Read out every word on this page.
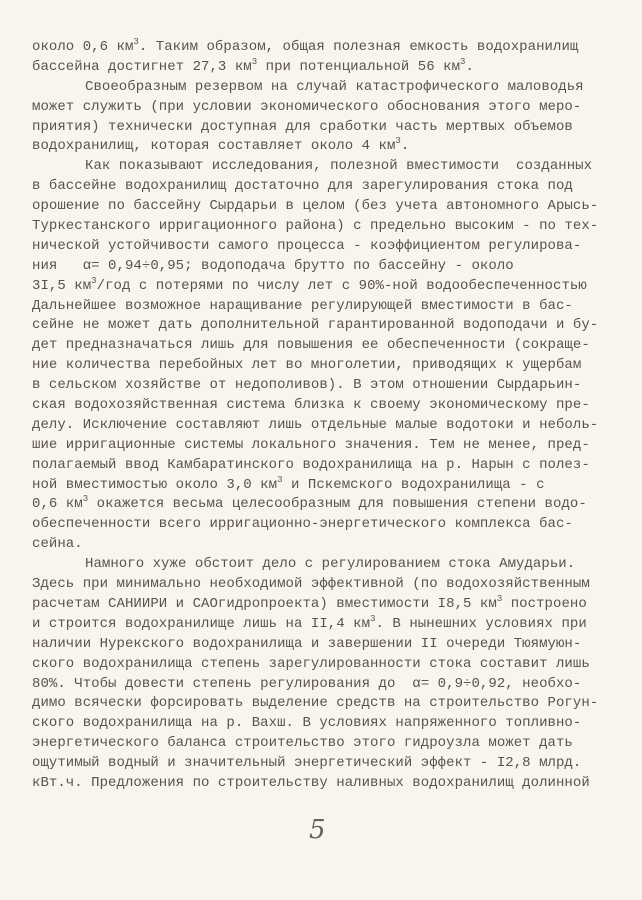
около 0,6 $км^3$. Таким образом, общая полезная емкость водохранилищ
бассейна достигнет 27,3 $км^3$ при потенциальной 56 $км^3$.
Своеобразным резервом на случай катастрофического маловодья
может служить (при условии экономического обоснования этого меро-
приятия) технически доступная для сработки часть мертвых объемов
водохранилищ, которая составляет около 4 $км^3$.
Как показывают исследования, полезной вместимости  созданных
в бассейне водохранилищ достаточно для зарегулирования стока под
орошение по бассейну Сырдарьи в целом (без учета автономного Арысь-
Туркестанского ирригационного района) с предельно высоким - по тех-
нической устойчивости самого процесса - коэффициентом регулирова-
ния   α= 0,94÷0,95; водоподача брутто по бассейну - около
3I,5 $км^3$/год с потерями по числу лет с 90%-ной водообеспеченностью
Дальнейшее возможное наращивание регулирующей вместимости в бас-
сейне не может дать дополнительной гарантированной водоподачи и бу-
дет предназначаться лишь для повышения ее обеспеченности (сокраще-
ние количества перебойных лет во многолетии, приводящих к ущербам
в сельском хозяйстве от недополивов). В этом отношении Сырдарьин-
ская водохозяйственная система близка к своему экономическому пре-
делу. Исключение составляют лишь отдельные малые водотоки и неболь-
шие ирригационные системы локального значения. Тем не менее, пред-
полагаемый ввод Камбаратинского водохранилища на р. Нарын с полез-
ной вместимостью около 3,0 $км^3$ и Пскемского водохранилища - с
0,6 $км^3$ окажется весьма целесообразным для повышения степени водо-
обеспеченности всего ирригационно-энергетического комплекса бас-
сейна.
Намного хуже обстоит дело с регулированием стока Амударьи.
Здесь при минимально необходимой эффективной (по водохозяйственным
расчетам САНИИРИ и САОгидропроекта) вместимости I8,5 $км^3$ построено
и строится водохранилище лишь на II,4 $км^3$. В нынешних условиях при
наличии Нурекского водохранилища и завершении II очереди Тюямуюн-
ского водохранилища степень зарегулированности стока составит лишь
80%. Чтобы довести степень регулирования до  α= 0,9÷0,92, необхо-
димо всячески форсировать выделение средств на строительство Рогун-
ского водохранилища на р. Вахш. В условиях напряженного топливно-
энергетического баланса строительство этого гидроузла может дать
ощутимый водный и значительный энергетический эффект - I2,8 млрд.
кВт.ч. Предложения по строительству наливных водохранилищ долинной
5
